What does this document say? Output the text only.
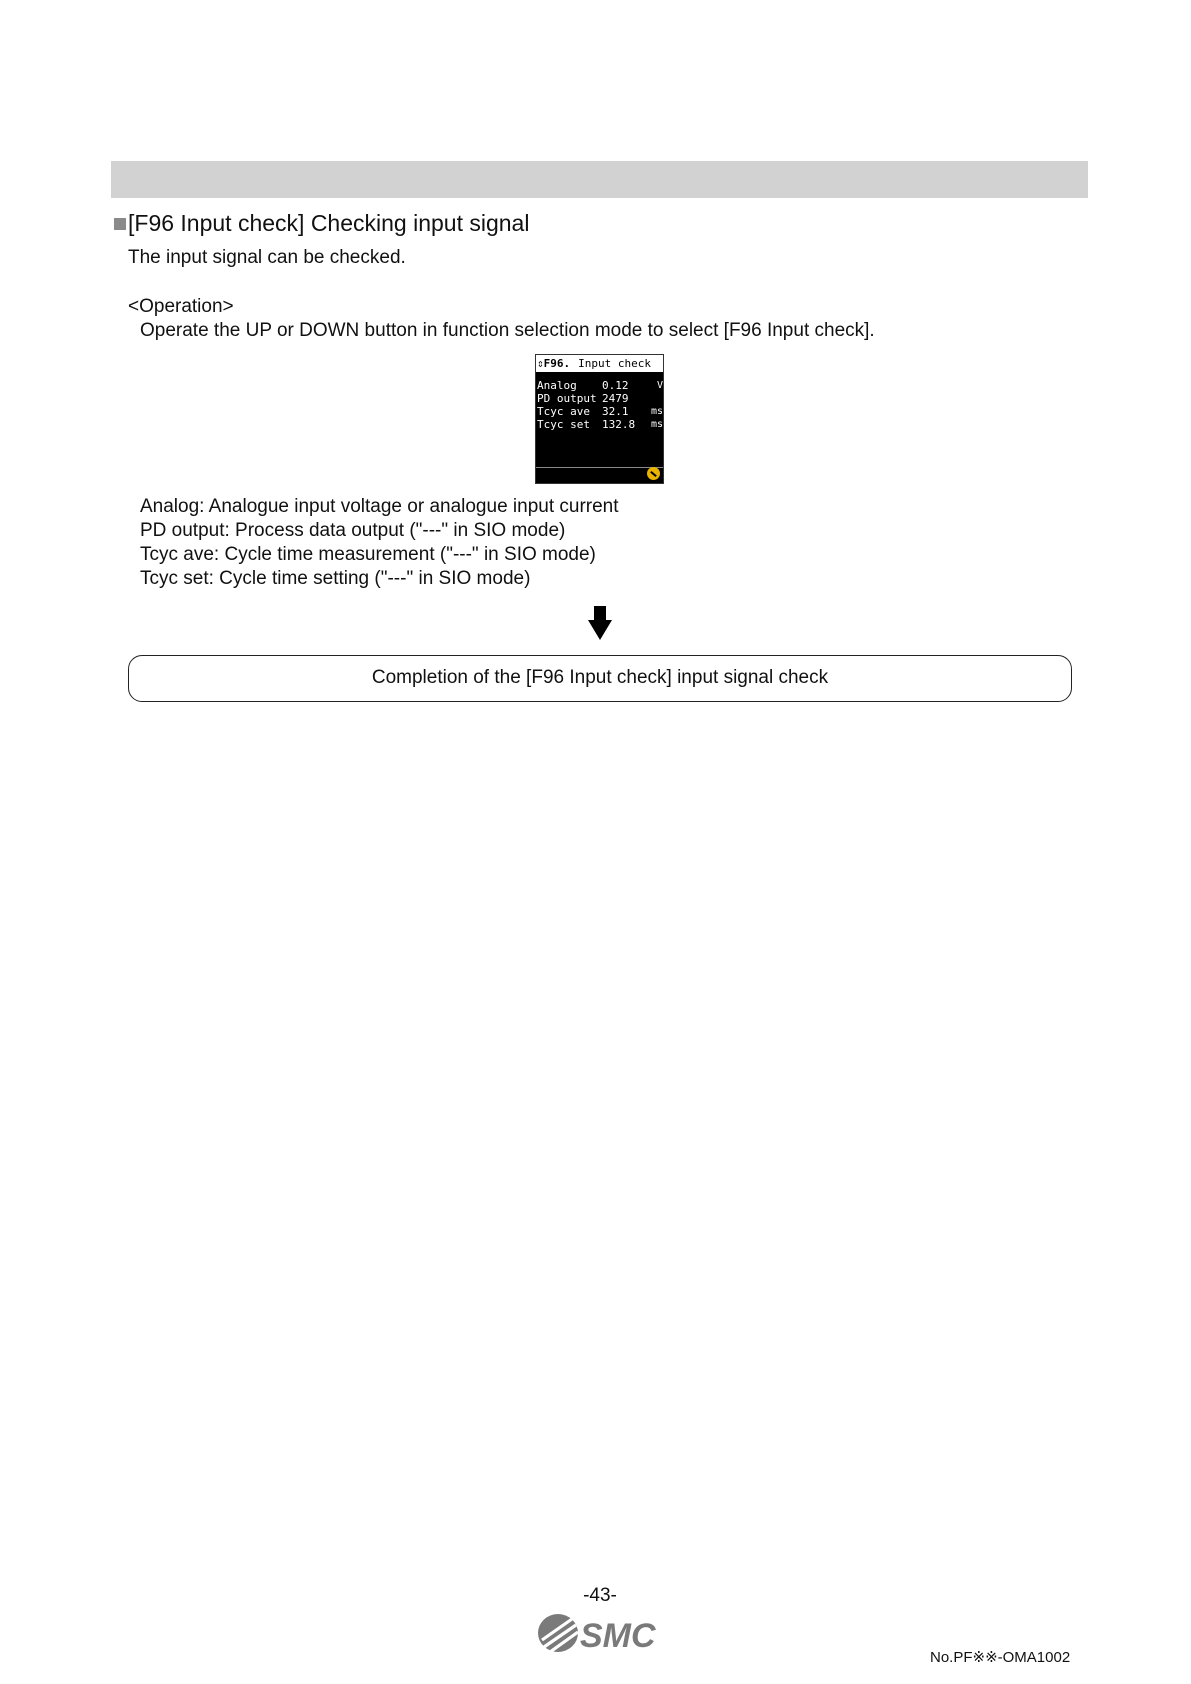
[F96 Input check] Checking input signal
The input signal can be checked.
<Operation>
Operate the UP or DOWN button in function selection mode to select [F96 Input check].
⇕F96. Input check
Analog 0.12	V
PD output 2479
Tcyc ave 32.1 ms
Tcyc set 132.8 ms
Analog: Analogue input voltage or analogue input current
PD output: Process data output ("---" in SIO mode)
Tcyc ave: Cycle time measurement ("---" in SIO mode)
Tcyc set: Cycle time setting ("---" in SIO mode)
Completion of the [F96 Input check] input signal check
-43-
SMC
No.PF※※-OMA1002
